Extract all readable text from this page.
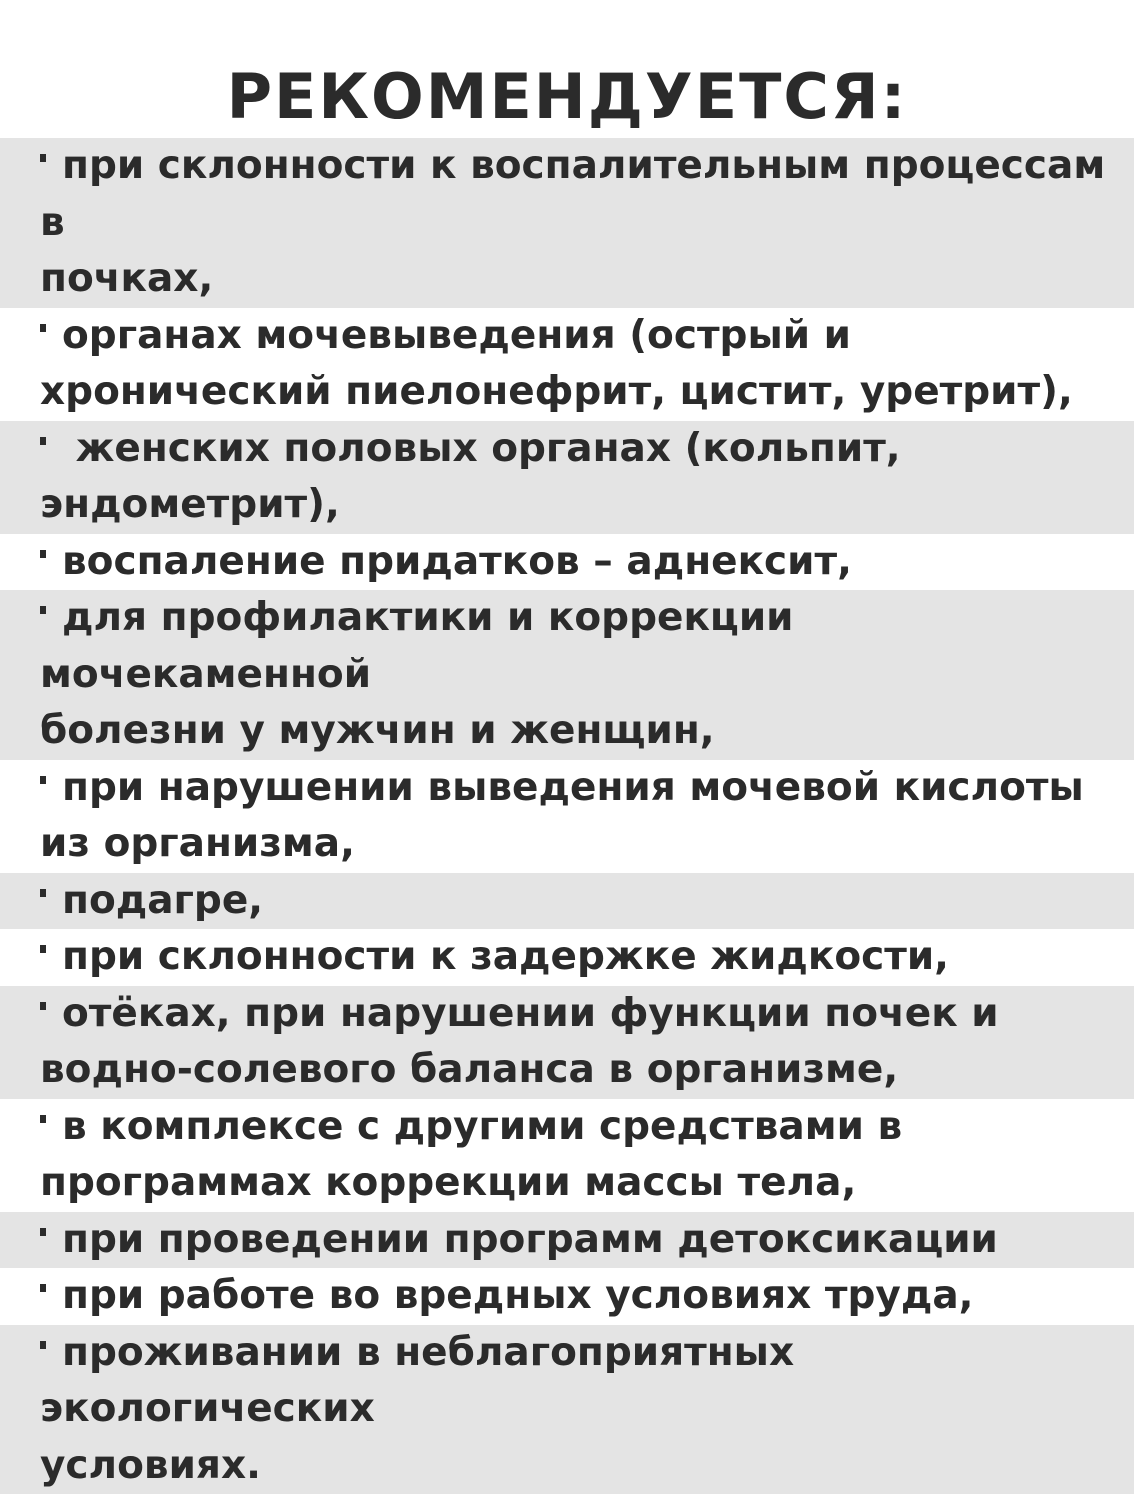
РЕКОМЕНДУЕТСЯ:
при склонности к воспалительным процессам в
почках,
органах мочевыведения (острый и
хронический пиелонефрит, цистит, уретрит),
женских половых органах (кольпит,
эндометрит),
воспаление придатков – аднексит,
для профилактики и коррекции мочекаменной
болезни у мужчин и женщин,
при нарушении выведения мочевой кислоты
из организма,
подагре,
при склонности к задержке жидкости,
отёках, при нарушении функции почек и
водно-солевого баланса в организме,
в комплексе с другими средствами в
программах коррекции массы тела,
при проведении программ детоксикации
при работе во вредных условиях труда,
проживании в неблагоприятных экологических
условиях.
